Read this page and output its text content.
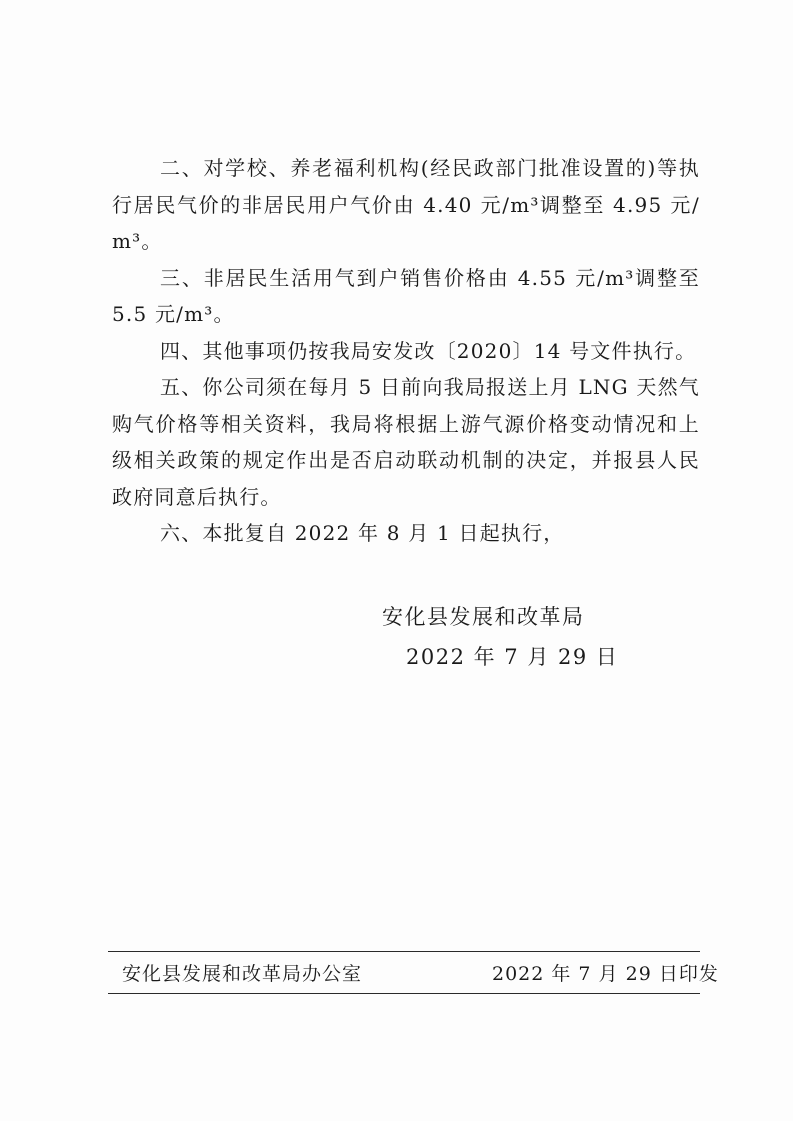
二、对学校、养老福利机构(经民政部门批准设置的)等执行居民气价的非居民用户气价由 4.40 元/m³调整至 4.95 元/m³。

三、非居民生活用气到户销售价格由 4.55 元/m³调整至 5.5 元/m³。

四、其他事项仍按我局安发改〔2020〕14 号文件执行。

五、你公司须在每月 5 日前向我局报送上月 LNG 天然气购气价格等相关资料，我局将根据上游气源价格变动情况和上级相关政策的规定作出是否启动联动机制的决定，并报县人民政府同意后执行。

六、本批复自 2022 年 8 月 1 日起执行，

安化县发展和改革局
2022 年 7 月 29 日
安化县发展和改革局办公室	2022 年 7 月 29 日印发
